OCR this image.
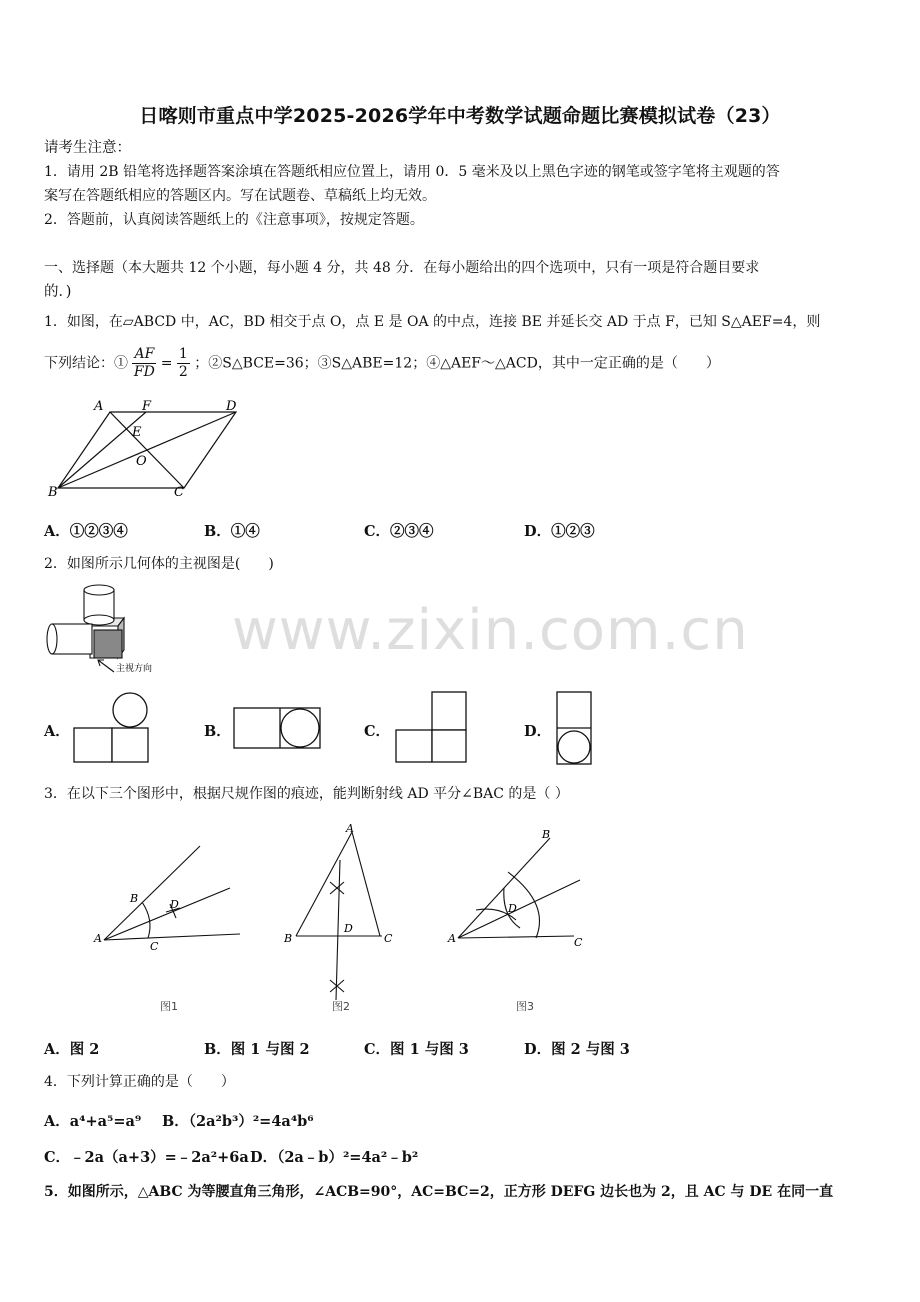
日喀则市重点中学2025-2026学年中考数学试题命题比赛模拟试卷（23）
请考生注意：
1．请用 2B 铅笔将选择题答案涂填在答题纸相应位置上，请用 0．5 毫米及以上黑色字迹的钢笔或签字笔将主观题的答
案写在答题纸相应的答题区内。写在试题卷、草稿纸上均无效。
2．答题前，认真阅读答题纸上的《注意事项》，按规定答题。
一、选择题（本大题共 12 个小题，每小题 4 分，共 48 分．在每小题给出的四个选项中，只有一项是符合题目要求
的．)
1．如图，在▱ABCD 中，AC，BD 相交于点 O，点 E 是 OA 的中点，连接 BE 并延长交 AD 于点 F，已知 S△AEF=4，则
下列结论：① $\frac{AF}{FD} = \frac{1}{2}$ ；②S△BCE=36；③S△ABE=12；④△AEF～△ACD，其中一定正确的是（　　）
A	F	D
E
O
B	C
A．①②③④	B．①④	C．②③④	D．①②③
2．如图所示几何体的主视图是(　　)
主视方向
www.zixin.com.cn
A．	B．	C．	D．
3．在以下三个图形中，根据尺规作图的痕迹，能判断射线 AD 平分∠BAC 的是（ ）
A
B	D
C
A
B
D
C	A
B
D
C
图1	图2	图3
A．图 2	B．图 1 与图 2	C．图 1 与图 3	D．图 2 与图 3
4．下列计算正确的是（　　）
A．a⁴+a⁵=a⁹ B．（2a²b³）²=4a⁴b⁶
C．﹣2a（a+3）=﹣2a²+6a D．（2a﹣b）²=4a²﹣b²
5．如图所示，△ABC 为等腰直角三角形，∠ACB=90°，AC=BC=2，正方形 DEFG 边长也为 2，且 AC 与 DE 在同一直
